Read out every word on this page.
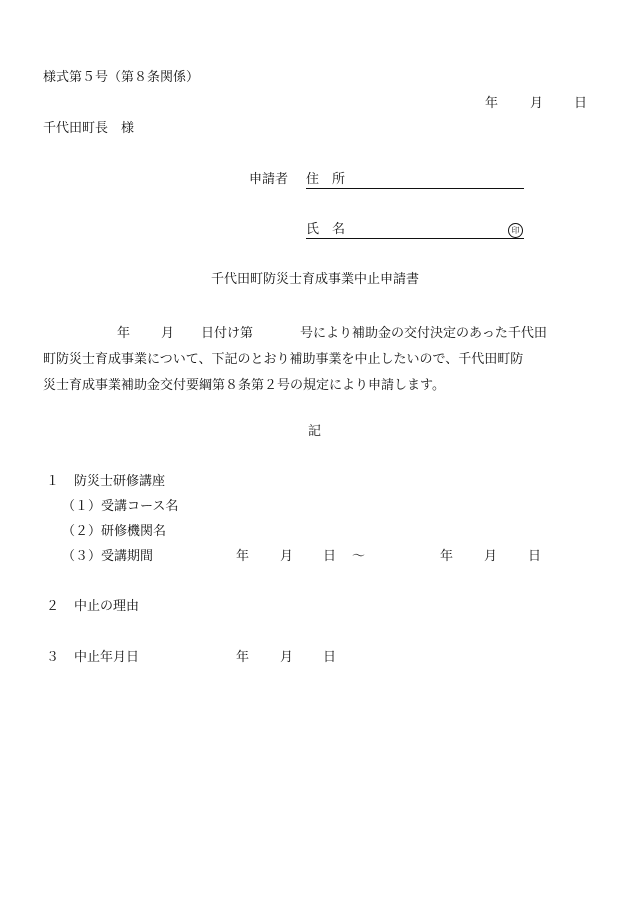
様式第５号（第８条関係）
年 月 日
千代田町長　様
申請者 住　所
氏　名	印
千代田町防災士育成事業中止申請書
年 月 日付け第	号により補助金の交付決定のあった千代田
町防災士育成事業について、下記のとおり補助事業を中止したいので、千代田町防
災士育成事業補助金交付要綱第８条第２号の規定により申請します。
記
１ 防災士研修講座
（１）受講コース名
（２）研修機関名
（３）受講期間	年 月 日 ～	年 月 日
２ 中止の理由
３ 中止年月日	年 月 日
